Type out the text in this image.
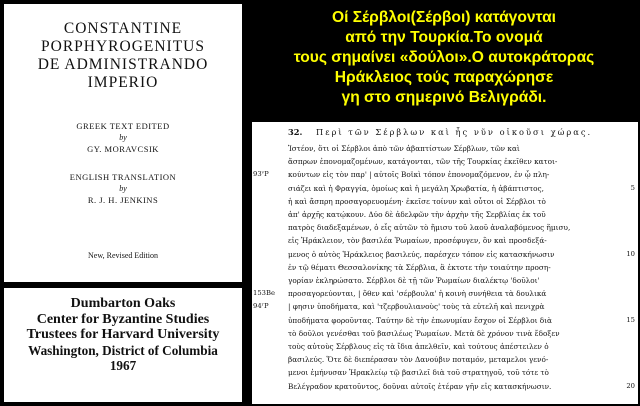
CONSTANTINE
PORPHYROGENITUS
DE ADMINISTRANDO IMPERIO
GREEK TEXT EDITED
by
GY. MORAVCSIK
ENGLISH TRANSLATION
by
R. J. H. JENKINS
New, Revised Edition
Dumbarton Oaks
Center for Byzantine Studies
Trustees for Harvard University
Washington, District of Columbia
1967
Οί Σέρβλοι(Σέρβοι) κατάγονται
από την Τουρκία.Το ονομά
τους σημαίνει «δούλοι».Ο αυτοκράτορας
Ηράκλειος τούς παραχώρησε
γη στο σημερινό Βελιγράδι.
32. Περὶ τῶν Σέρβλων καὶ ἧς νῦν οἰκοῦσι χώρας.
Ἰστέον, ὅτι οἱ Σέρβλοι ἀπὸ τῶν ἀβαπτίστων Σέρβλων, τῶν καὶ
ἄσπρων ἐπονομαζομένων, κατάγονται, τῶν τῆς Τουρκίας ἐκεῖθεν κατοι-
93ᵛP	κούντων εἰς τὸν παρ' | αὐτοῖς Βοϊκὶ τόπον ἐπονομαζόμενον, ἐν ᾧ πλη-
σιάζει καὶ ἡ Φραγγία, ὁμοίως καὶ ἡ μεγάλη Χρωβατία, ἡ ἀβάπτιστος,	5
ἡ καὶ ἄσπρη προσαγορευομένη· ἐκεῖσε τοίνυν καὶ οὗτοι οἱ Σέρβλοι τὸ
ἀπ' ἀρχῆς κατῴκουν. Δύο δὲ ἀδελφῶν τὴν ἀρχὴν τῆς Σερβλίας ἐκ τοῦ
πατρὸς διαδεξαμένων, ὁ εἷς αὐτῶν τὸ ἥμισυ τοῦ λαοῦ ἀναλαβόμενος ἥμισυ,
εἰς Ἡράκλειον, τὸν βασιλέα Ῥωμαίων, προσέφυγεν, ὃν καὶ προσδεξά-
μενος ὁ αὐτὸς Ἡράκλειος βασιλεύς, παρέσχεν τόπον εἰς κατασκήνωσιν	10
ἐν τῷ θέματι Θεσσαλονίκης τὰ Σέρβλια, ἃ ἐκτοτε τὴν τοιαύτην προση-
γορίαν ἐκληρώσατο. Σέρβλοι δὲ τῇ τῶν Ῥωμαίων διαλέκτῳ 'δοῦλοι'
153Be προσαγορεύονται, | ὅθεν καὶ 'σέρβουλα' ἡ κοινὴ συνήθεια τὰ δουλικά
94ʳP	| φησιν ὑποδήματα, καὶ 'τζερβουλιανοὺς' τοὺς τὰ εὐτελῆ καὶ πενιχρὰ
ὑποδήματα φοροῦντας. Ταύτην δὲ τὴν ἐπωνυμίαν ἔσχον οἱ Σέρβλοι διὰ	15
τὸ δοῦλοι γενέσθαι τοῦ βασιλέως Ῥωμαίων. Μετὰ δὲ χρόνον τινὰ ἔδοξεν
τοὺς αὐτοὺς Σέρβλους εἰς τὰ ἴδια ἀπελθεῖν, καὶ τούτους ἀπέστειλεν ὁ
βασιλεύς. Ὅτε δὲ διεπέρασαν τὸν Δανούβιν ποταμόν, μεταμελοι γενό-
μενοι ἐμήνυσαν Ἡρακλείῳ τῷ βασιλεῖ διὰ τοῦ στρατηγοῦ, τοῦ τότε τὸ
Βελέγραδον κρατοῦντος, δοῦναι αὐτοῖς ἑτέραν γῆν εἰς κατασκήνωσιν.	20
